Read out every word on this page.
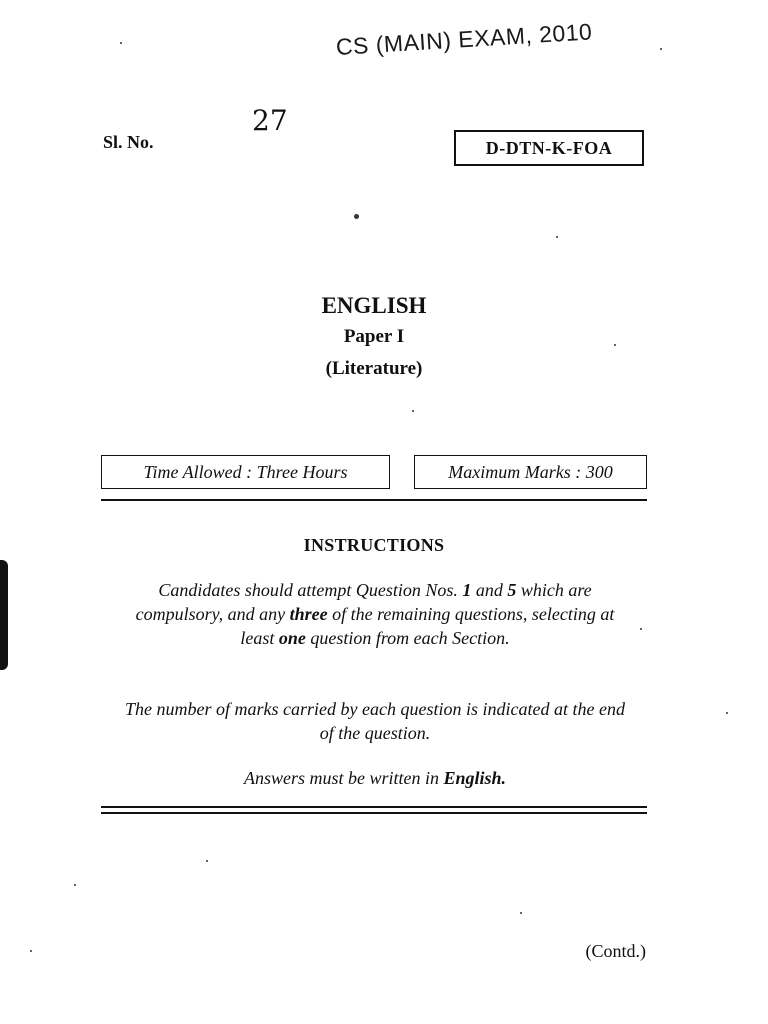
CS (MAIN) EXAM, 2010
Sl. No.
27
D-DTN-K-FOA
ENGLISH
Paper I
(Literature)
Time Allowed : Three Hours	Maximum Marks : 300
INSTRUCTIONS
Candidates should attempt Question Nos. 1 and 5 which are compulsory, and any three of the remaining questions, selecting at least one question from each Section.
The number of marks carried by each question is indicated at the end of the question.
Answers must be written in English.
(Contd.)
